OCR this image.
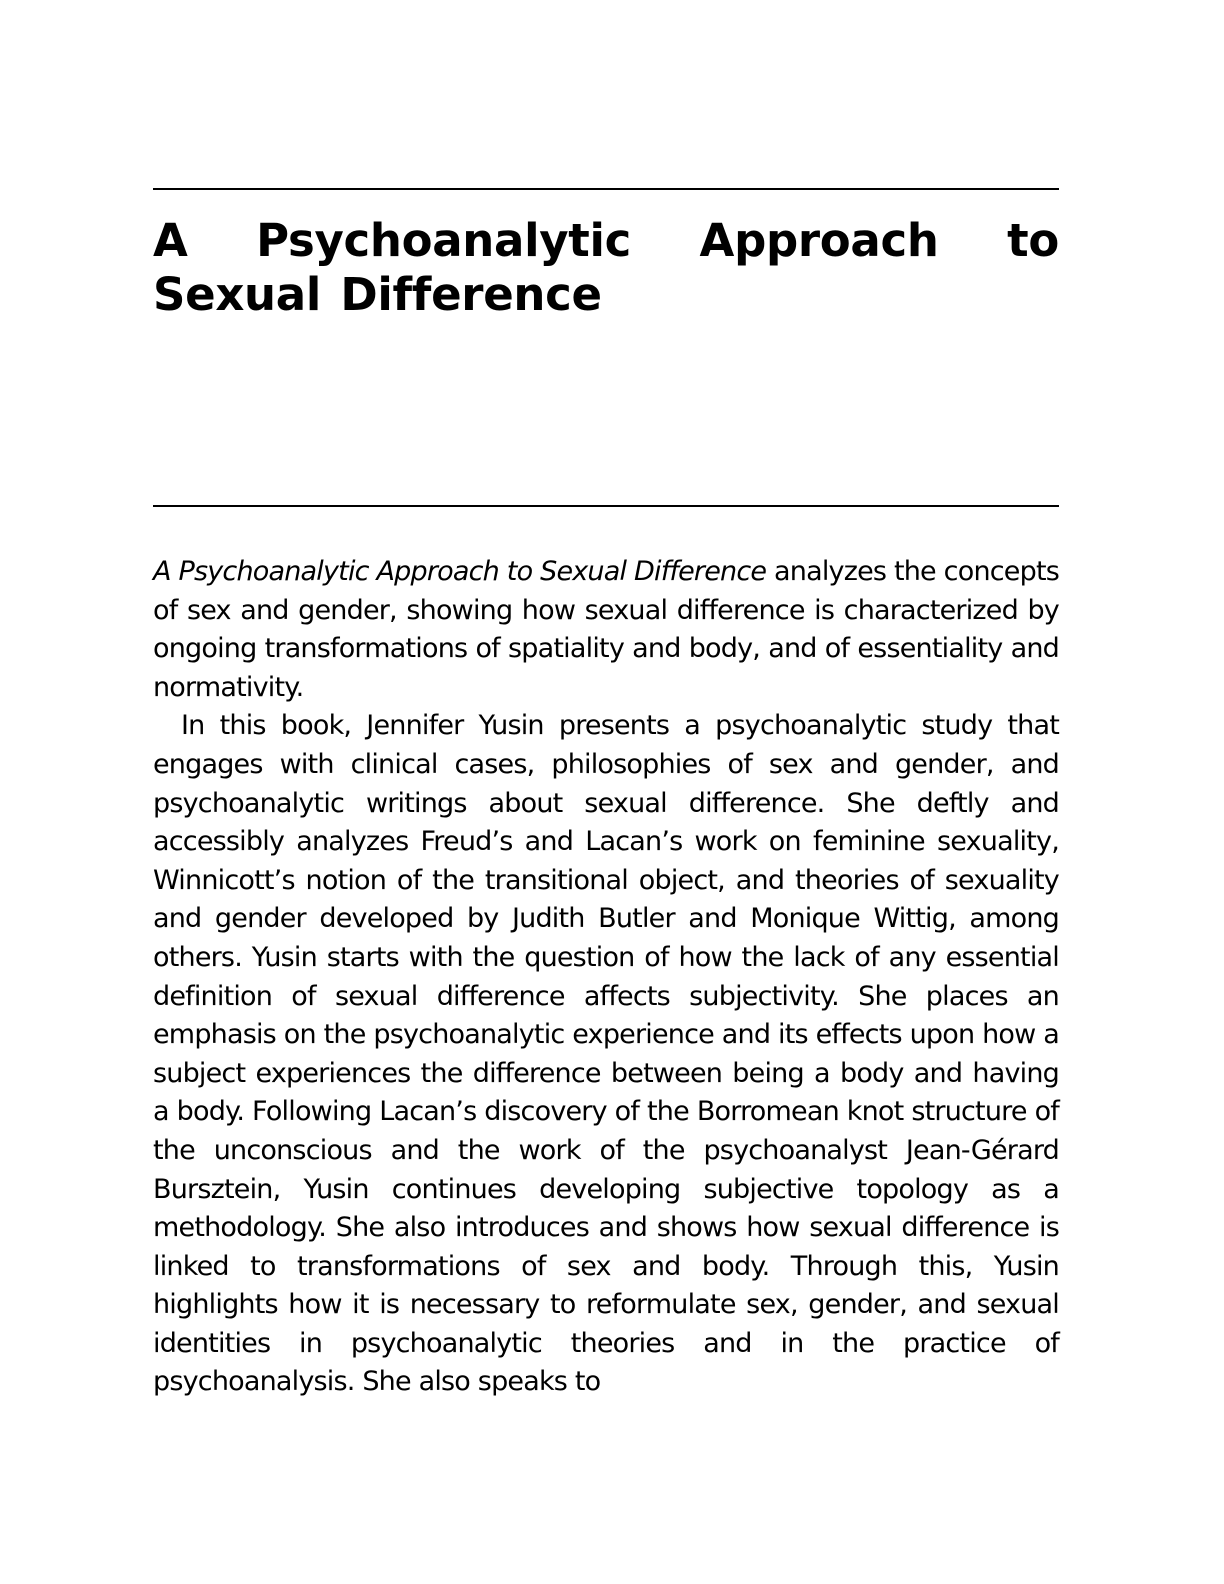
A Psychoanalytic Approach to Sexual Difference

A Psychoanalytic Approach to Sexual Difference analyzes the concepts of sex and gender, showing how sexual difference is characterized by ongoing transformations of spatiality and body, and of essentiality and normativity.

In this book, Jennifer Yusin presents a psychoanalytic study that engages with clinical cases, philosophies of sex and gender, and psychoanalytic writings about sexual difference. She deftly and accessibly analyzes Freud’s and Lacan’s work on feminine sexuality, Winnicott’s notion of the transitional object, and theories of sexuality and gender developed by Judith Butler and Monique Wittig, among others. Yusin starts with the question of how the lack of any essential definition of sexual difference affects subjectivity. She places an emphasis on the psychoanalytic experience and its effects upon how a subject experiences the difference between being a body and having a body. Following Lacan’s discovery of the Borromean knot structure of the unconscious and the work of the psychoanalyst Jean-Gérard Bursztein, Yusin continues developing subjective topology as a methodology. She also introduces and shows how sexual difference is linked to transformations of sex and body. Through this, Yusin highlights how it is necessary to reformulate sex, gender, and sexual identities in psychoanalytic theories and in the practice of psychoanalysis. She also speaks to
